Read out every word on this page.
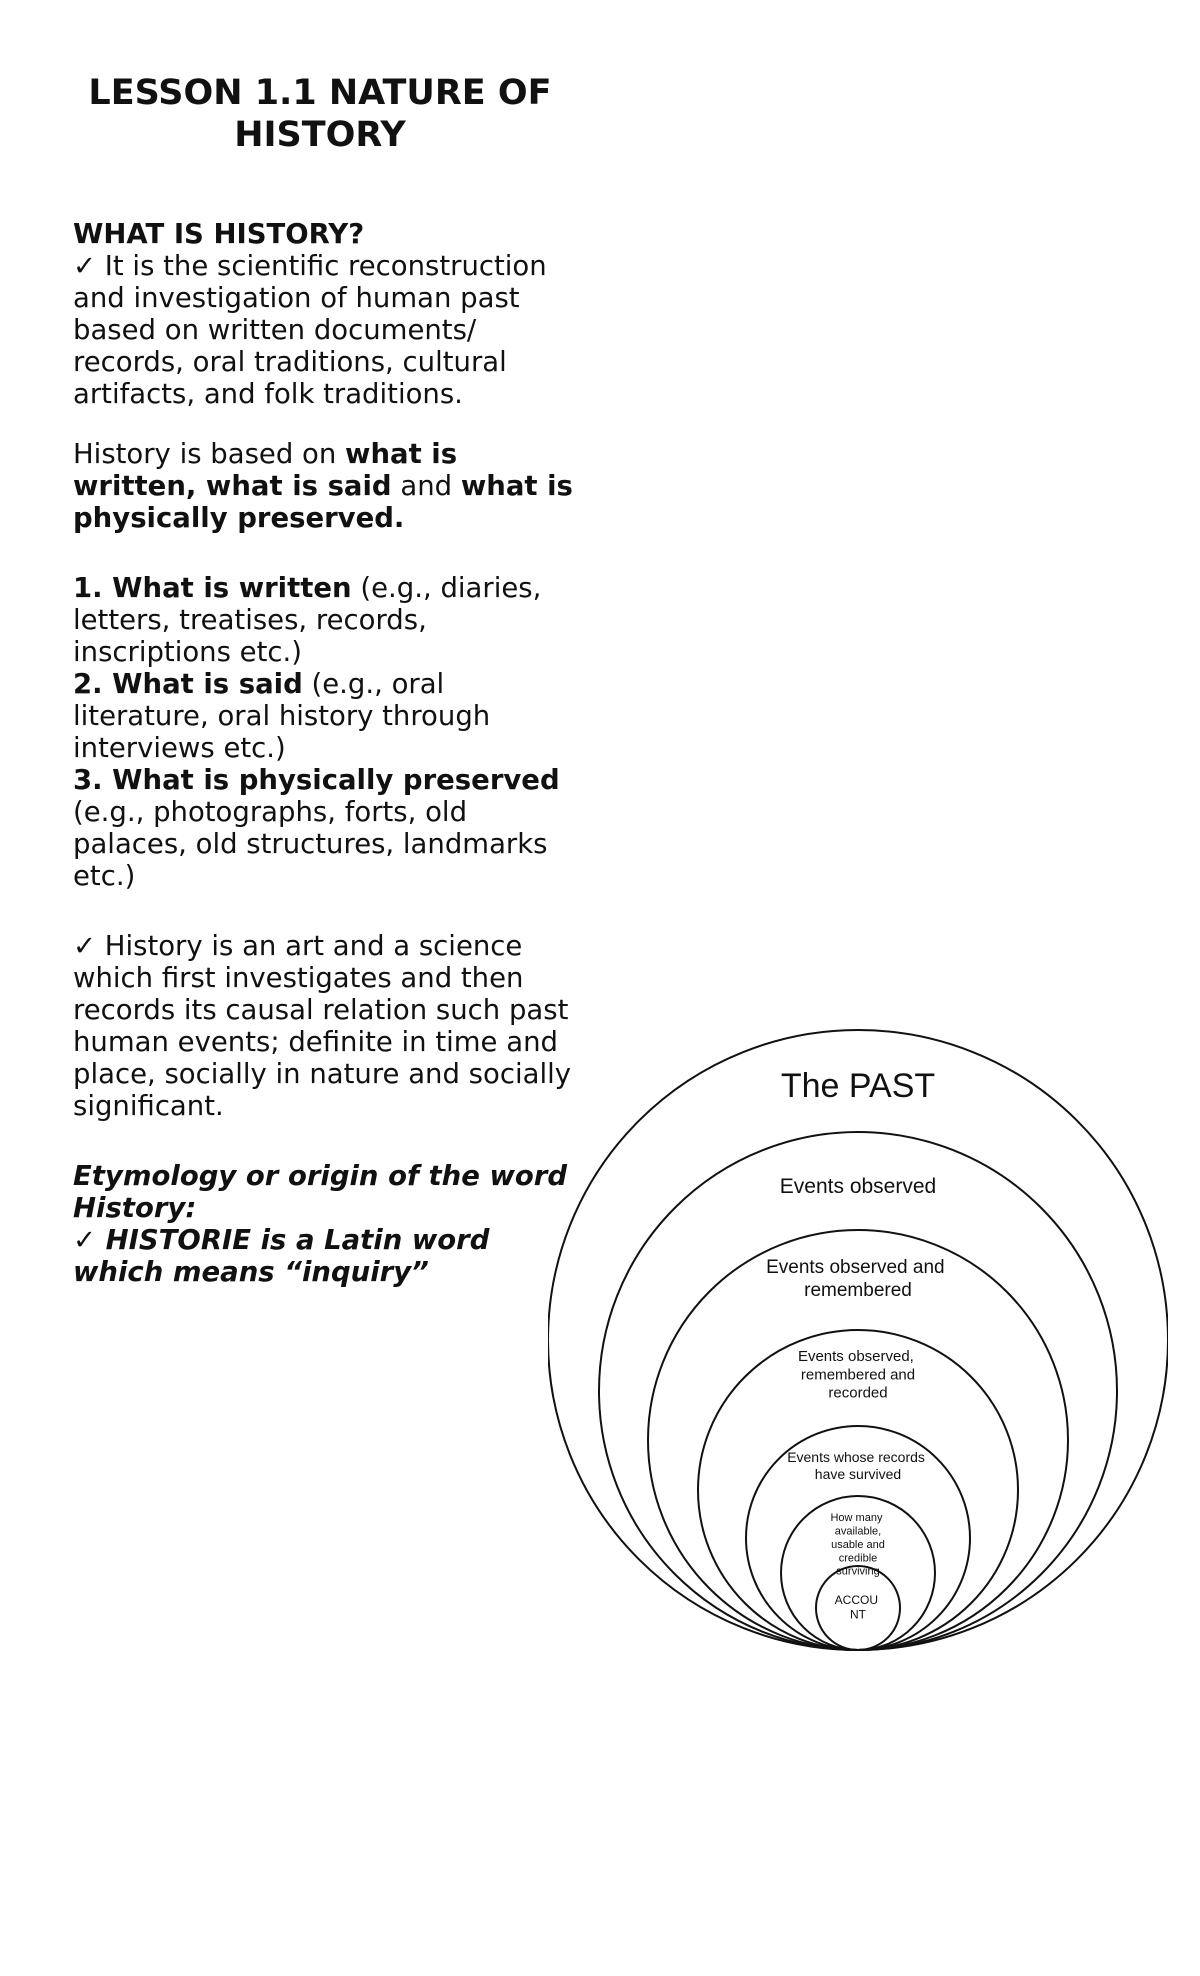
LESSON 1.1 NATURE OF HISTORY

WHAT IS HISTORY?

✓ It is the scientific reconstruction and investigation of human past based on written documents/ records, oral traditions, cultural artifacts, and folk traditions.

History is based on what is written, what is said and what is physically preserved.

1. What is written (e.g., diaries, letters, treatises, records, inscriptions etc.)

2. What is said (e.g., oral literature, oral history through interviews etc.)

3. What is physically preserved (e.g., photographs, forts, old palaces, old structures, landmarks etc.)

✓ History is an art and a science which first investigates and then records its causal relation such past human events; definite in time and place, socially in nature and socially significant.

Etymology or origin of the word History:

✓ HISTORIE is a Latin word which means “inquiry”

The PAST
Events observed
Events observed and remembered
Events observed, remembered and recorded
Events whose records have survived
How many available, usable and credible surviving
ACCOU NT
